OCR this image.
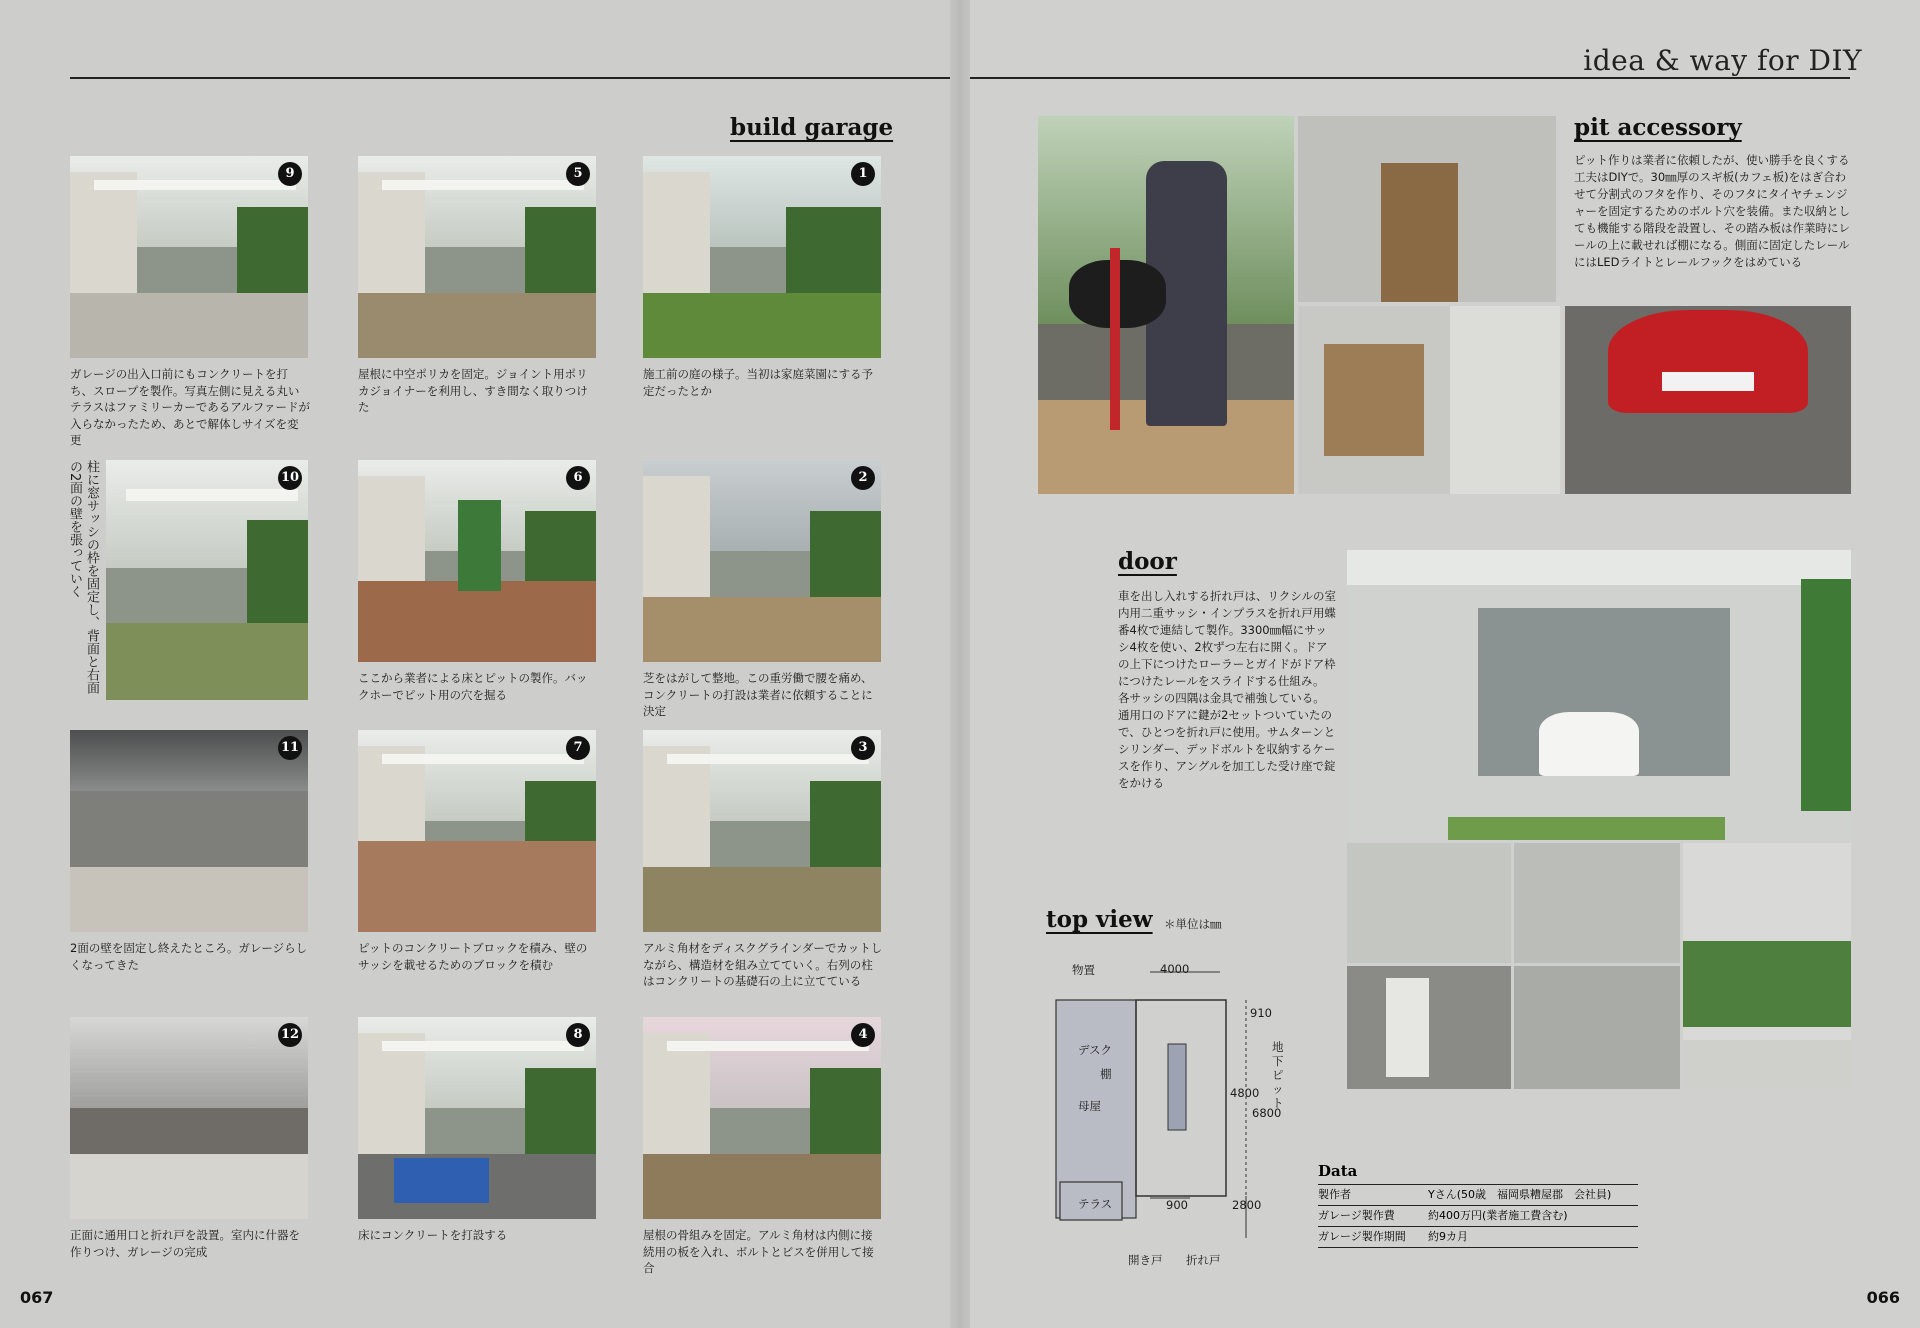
idea & way for DIY
build garage
9
ガレージの出入口前にもコンクリートを打ち、スロープを製作。写真左側に見える丸いテラスはファミリーカーであるアルファードが入らなかったため、あとで解体しサイズを変更
5
屋根に中空ポリカを固定。ジョイント用ポリカジョイナーを利用し、すき間なく取りつけた
1
施工前の庭の様子。当初は家庭菜園にする予定だったとか
柱に窓サッシの枠を固定し、背面と右面の2面の壁を張っていく	10	6
ここから業者による床とピットの製作。バックホーでピット用の穴を掘る
2
芝をはがして整地。この重労働で腰を痛め、コンクリートの打設は業者に依頼することに決定
11
2面の壁を固定し終えたところ。ガレージらしくなってきた
7
ピットのコンクリートブロックを積み、壁のサッシを載せるためのブロックを積む
3
アルミ角材をディスクグラインダーでカットしながら、構造材を組み立てていく。右列の柱はコンクリートの基礎石の上に立てている
12
正面に通用口と折れ戸を設置。室内に什器を作りつけ、ガレージの完成
8
床にコンクリートを打設する
4
屋根の骨組みを固定。アルミ角材は内側に接続用の板を入れ、ボルトとビスを併用して接合
067
pit accessory
ピット作りは業者に依頼したが、使い勝手を良くする工夫はDIYで。30㎜厚のスギ板(カフェ板)をはぎ合わせて分割式のフタを作り、そのフタにタイヤチェンジャーを固定するためのボルト穴を装備。また収納としても機能する階段を設置し、その踏み板は作業時にレールの上に載せれば棚になる。側面に固定したレールにはLEDライトとレールフックをはめている
door
車を出し入れする折れ戸は、リクシルの室内用二重サッシ・インプラスを折れ戸用蝶番4枚で連結して製作。3300㎜幅にサッシ4枚を使い、2枚ずつ左右に開く。ドアの上下につけたローラーとガイドがドア枠につけたレールをスライドする仕組み。各サッシの四隅は金具で補強している。通用口のドアに鍵が2セットついていたので、ひとつを折れ戸に使用。サムターンとシリンダー、デッドボルトを収納するケースを作り、アングルを加工した受け座で錠をかける
top view ＊単位は㎜
物置	4000
910
デスク
棚
母屋
地下ピット
4800
6800
テラス	900	2800
開き戸 折れ戸
Data
製作者	Yさん(50歳　福岡県糟屋郡　会社員)
ガレージ製作費	約400万円(業者施工費含む)
ガレージ製作期間	約9カ月
066
